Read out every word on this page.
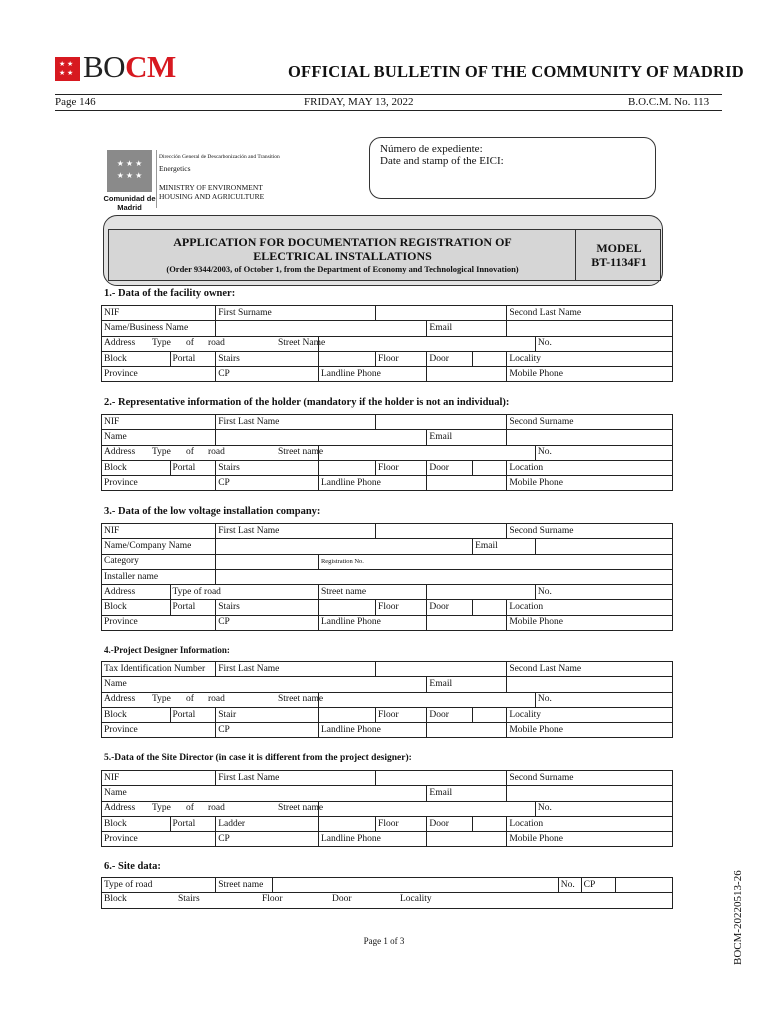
★ ★
★ ★ BOCM	OFFICIAL BULLETIN OF THE COMMUNITY OF MADRID
Page 146	FRIDAY, MAY 13, 2022	B.O.C.M. No. 113
★ ★ ★
★ ★ ★
Comunidad de Madrid
Dirección General de Descarbonización and Transition
Energetics
MINISTRY OF ENVIRONMENT
HOUSING AND AGRICULTURE
Número de expediente:
Date and stamp of the EICI:
APPLICATION FOR DOCUMENTATION REGISTRATION OF
ELECTRICAL INSTALLATIONS
(Order 9344/2003, of October 1, from the Department of Economy and Technological Innovation)
MODEL
BT-1134F1
1.- Data of the facility owner:
NIF		First Surname					Second Last Name	
Name/Business Name					Email			

Address Type of road Street Name								No.
Block	Portal	Stairs		Floor	Door		Locality	
Province		CP	Landline Phone				Mobile Phone	
2.- Representative information of the holder (mandatory if the holder is not an individual):
NIF		First Last Name					Second Surname	
Name					Email			

Address Type of road Street name								No.
Block	Portal	Stairs		Floor	Door		Location	
Province		CP	Landline Phone				Mobile Phone	
3.- Data of the low voltage installation company:
NIF		First Last Name					Second Surname	
Name/Company Name						Email		
Category			Registration No.					
Installer name								
Address	Type of road		Street name					No.
Block	Portal	Stairs		Floor	Door		Location	
Province		CP	Landline Phone				Mobile Phone	
4.-Project Designer Information:
Tax Identification Number		First Last Name					Second Last Name	
Name					Email			

Address Type of road Street name								No.
Block	Portal	Stair		Floor	Door		Locality	
Province		CP	Landline Phone				Mobile Phone	
5.-Data of the Site Director (in case it is different from the project designer):
NIF		First Last Name					Second Surname	
Name					Email			

Address Type of road Street name								No.
Block	Portal	Ladder		Floor	Door		Location	
Province		CP	Landline Phone				Mobile Phone	
6.- Site data:
Type of road	Street name		No.	CP	

Block	Stairs	Floor	Door	Locality
Page 1 of 3	BOCM-20220513-26
